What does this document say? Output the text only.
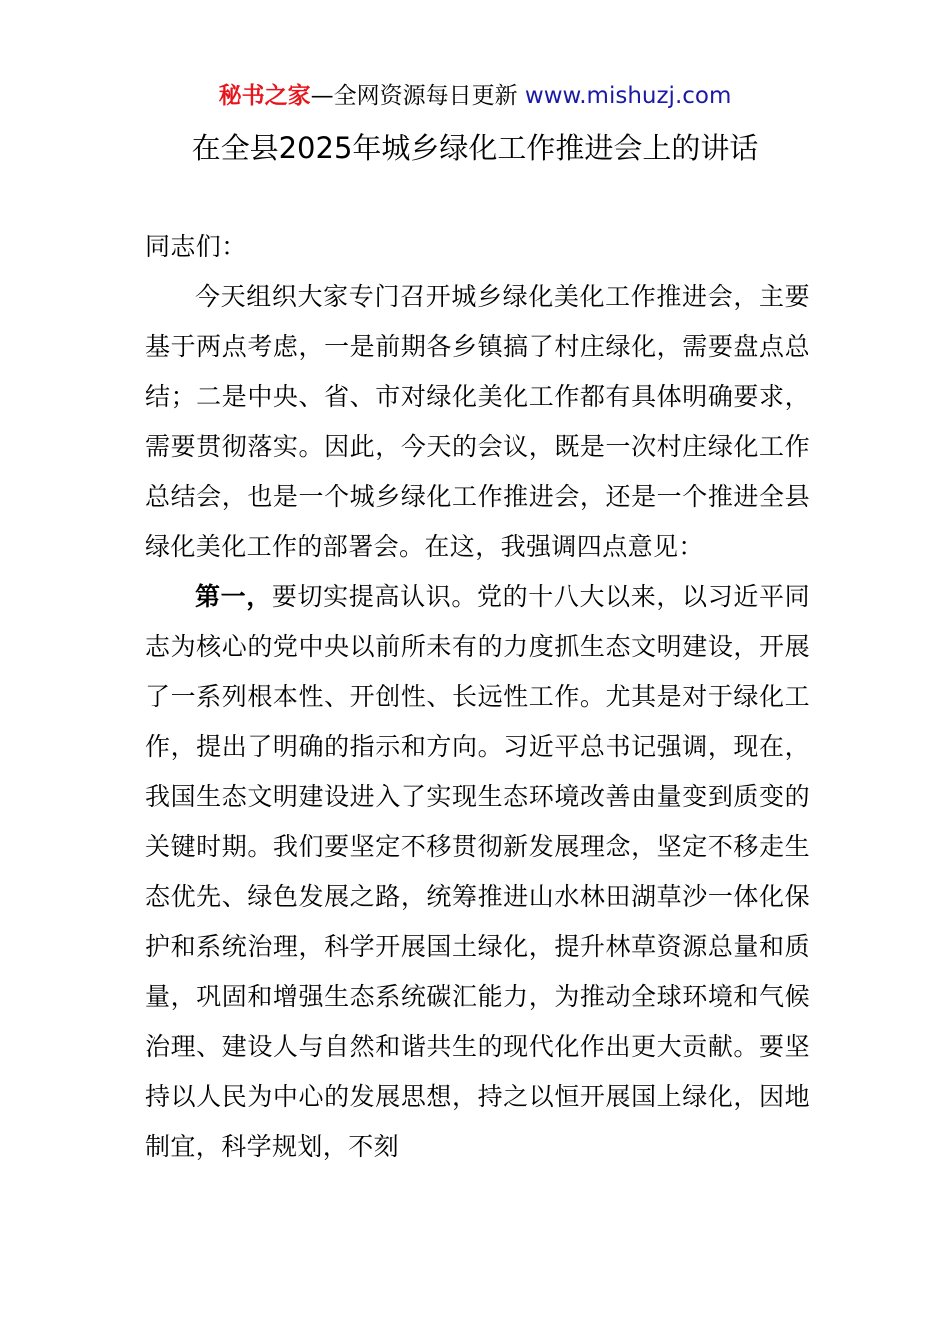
秘书之家—全网资源每日更新 www.mishuzj.com
在全县2025年城乡绿化工作推进会上的讲话

同志们：

今天组织大家专门召开城乡绿化美化工作推进会，主要基于两点考虑，一是前期各乡镇搞了村庄绿化，需要盘点总结；二是中央、省、市对绿化美化工作都有具体明确要求，需要贯彻落实。因此，今天的会议，既是一次村庄绿化工作总结会，也是一个城乡绿化工作推进会，还是一个推进全县绿化美化工作的部署会。在这，我强调四点意见：

第一，要切实提高认识。党的十八大以来，以习近平同志为核心的党中央以前所未有的力度抓生态文明建设，开展了一系列根本性、开创性、长远性工作。尤其是对于绿化工作，提出了明确的指示和方向。习近平总书记强调，现在，我国生态文明建设进入了实现生态环境改善由量变到质变的关键时期。我们要坚定不移贯彻新发展理念，坚定不移走生态优先、绿色发展之路，统筹推进山水林田湖草沙一体化保护和系统治理，科学开展国土绿化，提升林草资源总量和质量，巩固和增强生态系统碳汇能力，为推动全球环境和气候治理、建设人与自然和谐共生的现代化作出更大贡献。要坚持以人民为中心的发展思想，持之以恒开展国上绿化，因地制宜，科学规划，不刻
